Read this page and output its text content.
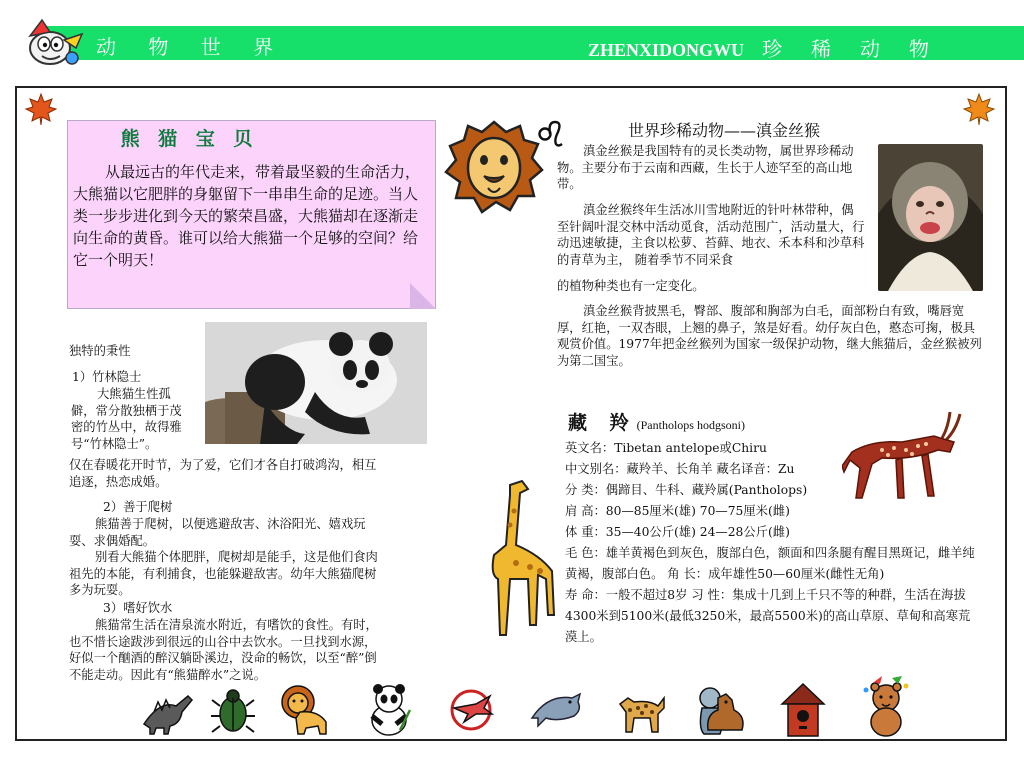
动 物 世 界	ZHENXIDONGWU 珍 稀 动 物
熊 猫 宝 贝
从最远古的年代走来，带着最坚毅的生命活力，大熊猫以它肥胖的身躯留下一串串生命的足迹。当人类一步步进化到今天的繁荣昌盛，大熊猫却在逐渐走向生命的黄昏。谁可以给大熊猫一个足够的空间？给它一个明天！
独特的秉性
1）竹林隐士
大熊猫生性孤僻，常分散独栖于茂密的竹丛中，故得雅号“竹林隐士”。
仅在春暖花开时节，为了爱，它们才各自打破鸿沟，相互追逐，热恋成婚。
2）善于爬树

熊猫善于爬树，以便逃避敌害、沐浴阳光、嬉戏玩耍、求偶婚配。

别看大熊猫个体肥胖，爬树却是能手，这是他们食肉祖先的本能，有利捕食，也能躲避敌害。幼年大熊猫爬树多为玩耍。

3）嗜好饮水

熊猫常生活在清泉流水附近，有嗜饮的食性。有时，也不惜长途跋涉到很远的山谷中去饮水。一旦找到水源，好似一个酗酒的醉汉躺卧溪边，没命的畅饮，以至“醉”倒不能走动。因此有“熊猫醉水”之说。

世界珍稀动物——滇金丝猴

滇金丝猴是我国特有的灵长类动物，属世界珍稀动物。主要分布于云南和西藏，生长于人迹罕至的高山地带。

滇金丝猴终年生活冰川雪地附近的针叶林带种，偶至针阔叶混交林中活动觅食，活动范围广，活动量大，行动迅速敏捷，主食以松萝、苔藓、地衣、禾本科和沙草科的青草为主， 随着季节不同采食

的植物种类也有一定变化。

滇金丝猴背披黑毛，臀部、腹部和胸部为白毛，面部粉白有致，嘴唇宽厚，红艳，一双杏眼，上翘的鼻子，煞是好看。幼仔灰白色，憨态可掬，极具观赏价值。1977年把金丝猴列为国家一级保护动物，继大熊猫后，金丝猴被列为第二国宝。

藏 羚(Pantholops hodgsoni)
英文名：Tibetan antelope或Chiru
中文别名：藏羚羊、长角羊 藏名译音：Zu
分 类：偶蹄目、牛科、藏羚属(Pantholops)
肩 高：80—85厘米(雄) 70—75厘米(雌)
体 重：35—40公斤(雄) 24—28公斤(雌)
毛 色：雄羊黄褐色到灰色，腹部白色，额面和四条腿有醒目黑斑记，雌羊纯黄褐，腹部白色。 角 长：成年雄性50—60厘米(雌性无角)
寿 命：一般不超过8岁 习 性：集成十几到上千只不等的种群，生活在海拔4300米到5100米(最低3250米，最高5500米)的高山草原、草甸和高寒荒漠上。
